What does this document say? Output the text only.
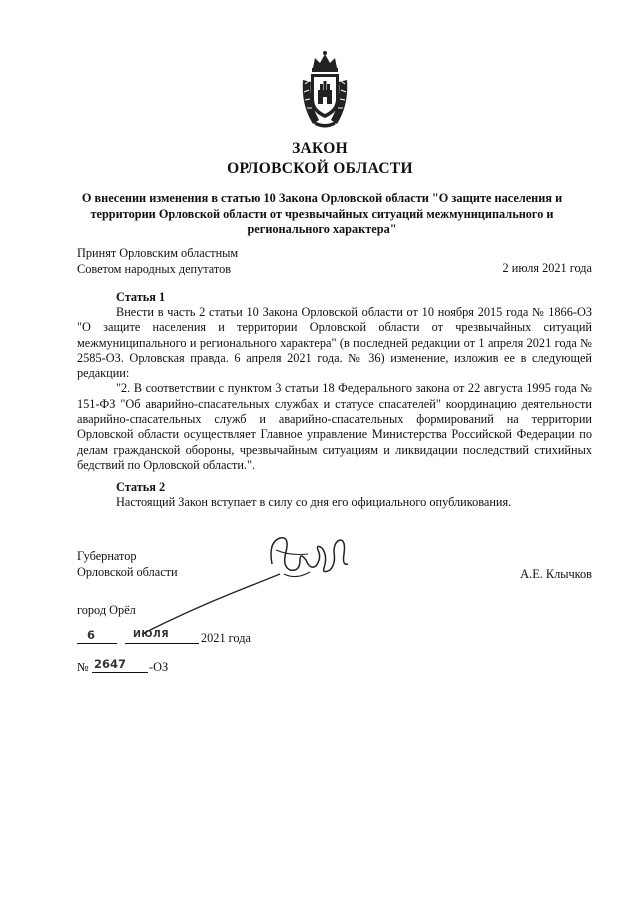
ЗАКОН
ОРЛОВСКОЙ ОБЛАСТИ
О внесении изменения в статью 10 Закона Орловской области "О защите населения и территории Орловской области от чрезвычайных ситуаций межмуниципального и регионального характера"
Принят Орловским областным
Советом народных депутатов	2 июля 2021 года
Статья 1

Внести в часть 2 статьи 10 Закона Орловской области от 10 ноября 2015 года № 1866-ОЗ "О защите населения и территории Орловской области от чрезвычайных ситуаций межмуниципального и регионального характера" (в последней редакции от 1 апреля 2021 года № 2585-ОЗ. Орловская правда. 6 апреля 2021 года. № 36) изменение, изложив ее в следующей редакции:

"2. В соответствии с пунктом 3 статьи 18 Федерального закона от 22 августа 1995 года № 151-ФЗ "Об аварийно-спасательных службах и статусе спасателей" координацию деятельности аварийно-спасательных служб и аварийно-спасательных формирований на территории Орловской области осуществляет Главное управление Министерства Российской Федерации по делам гражданской обороны, чрезвычайным ситуациям и ликвидации последствий стихийных бедствий по Орловской области.".

Статья 2

Настоящий Закон вступает в силу со дня его официального опубликования.

Губернатор
Орловской области	А.Е. Клычков
город Орёл
6	ИЮЛЯ	2021 года
№ 2647 -ОЗ
